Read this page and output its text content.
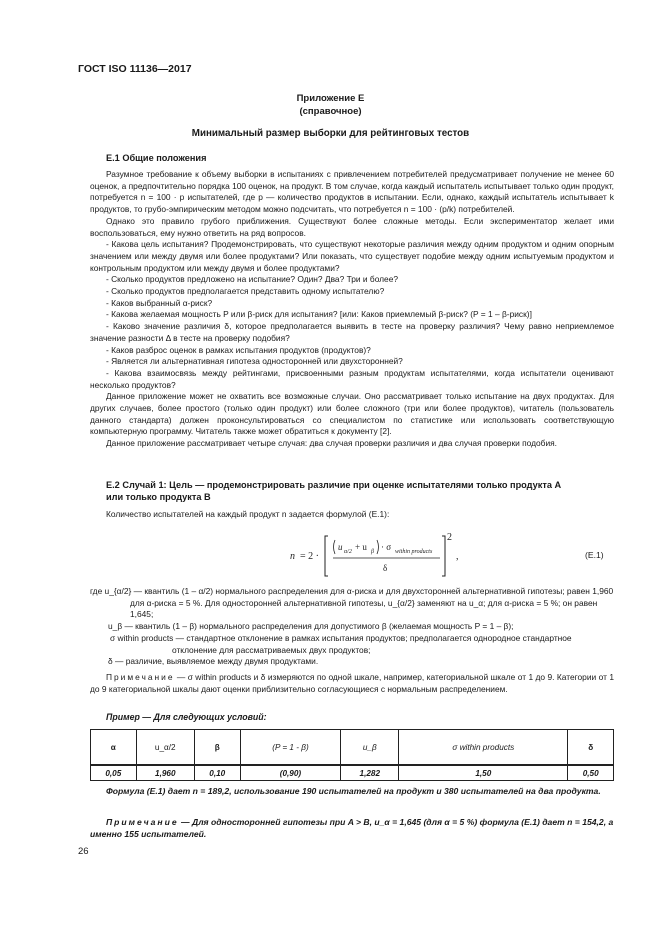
ГОСТ ISO 11136—2017
Приложение Е
(справочное)
Минимальный размер выборки для рейтинговых тестов
Е.1 Общие положения

Разумное требование к объему выборки в испытаниях с привлечением потребителей предусматривает получение не менее 60 оценок, а предпочтительно порядка 100 оценок, на продукт. В том случае, когда каждый испытатель испытывает только один продукт, потребуется n = 100 · p испытателей, где p — количество продуктов в испытании. Если, однако, каждый испытатель испытывает k продуктов, то грубо-эмпирическим методом можно подсчитать, что потребуется n = 100 · (p/k) потребителей.

Однако это правило грубого приближения. Существуют более сложные методы. Если экспериментатор желает ими воспользоваться, ему нужно ответить на ряд вопросов.

- Какова цель испытания? Продемонстрировать, что существуют некоторые различия между одним продуктом и одним опорным значением или между двумя или более продуктами? Или показать, что существует подобие между одним испытуемым продуктом и контрольным продуктом или между двумя и более продуктами?

- Сколько продуктов предложено на испытание? Один? Два? Три и более?

- Сколько продуктов предполагается представить одному испытателю?

- Каков выбранный α-риск?

- Какова желаемая мощность P или β-риск для испытания? [или: Каков приемлемый β-риск? (P = 1 – β-риск)]

- Каково значение различия δ, которое предполагается выявить в тесте на проверку различия? Чему равно неприемлемое значение разности Δ в тесте на проверку подобия?

- Каков разброс оценок в рамках испытания продуктов (продуктов)?

- Является ли альтернативная гипотеза односторонней или двухсторонней?

- Какова взаимосвязь между рейтингами, присвоенными разным продуктам испытателями, когда испытатели оценивают несколько продуктов?

Данное приложение может не охватить все возможные случаи. Оно рассматривает только испытание на двух продуктах. Для других случаев, более простого (только один продукт) или более сложного (три или более продуктов), читатель (пользователь данного стандарта) должен проконсультироваться со специалистом по статистике или использовать соответствующую компьютерную программу. Читатель также может обратиться к документу [2].

Данное приложение рассматривает четыре случая: два случая проверки различия и два случая проверки подобия.

Е.2 Случай 1: Цель — продемонстрировать различие при оценке испытателями только продукта А
или только продукта В

Количество испытателей на каждый продукт n задается формулой (Е.1):

n = 2 ·
2
u α/2 + u β · σ within products
δ
,	(Е.1)
где u_{α/2} — квантиль (1 – α/2) нормального распределения для α-риска и для двухсторонней альтернативной гипотезы; равен 1,960 для α-риска = 5 %. Для односторонней альтернативной гипотезы, u_{α/2} заменяют на u_α; для α-риска = 5 %; он равен 1,645;
u_β — квантиль (1 – β) нормального распределения для допустимого β (желаемая мощность P = 1 – β);
σ within products — стандартное отклонение в рамках испытания продуктов; предполагается однородное стандартное отклонение для рассматриваемых двух продуктов;
δ — различие, выявляемое между двумя продуктами.
Примечание — σ within products и δ измеряются по одной шкале, например, категориальной шкале от 1 до 9. Категории от 1 до 9 категориальной шкалы дают оценки приблизительно согласующиеся с нормальным распределением.
Пример — Для следующих условий:
α	u_α/2	β	(P = 1 - β)	u_β	σ within products	δ
0,05	1,960	0,10	(0,90)	1,282	1,50	0,50
Формула (Е.1) дает n = 189,2, использование 190 испытателей на продукт и 380 испытателей на два продукта.
Примечание — Для односторонней гипотезы при A > B, u_α = 1,645 (для α = 5 %) формула (Е.1) дает n = 154,2, а именно 155 испытателей.
26
